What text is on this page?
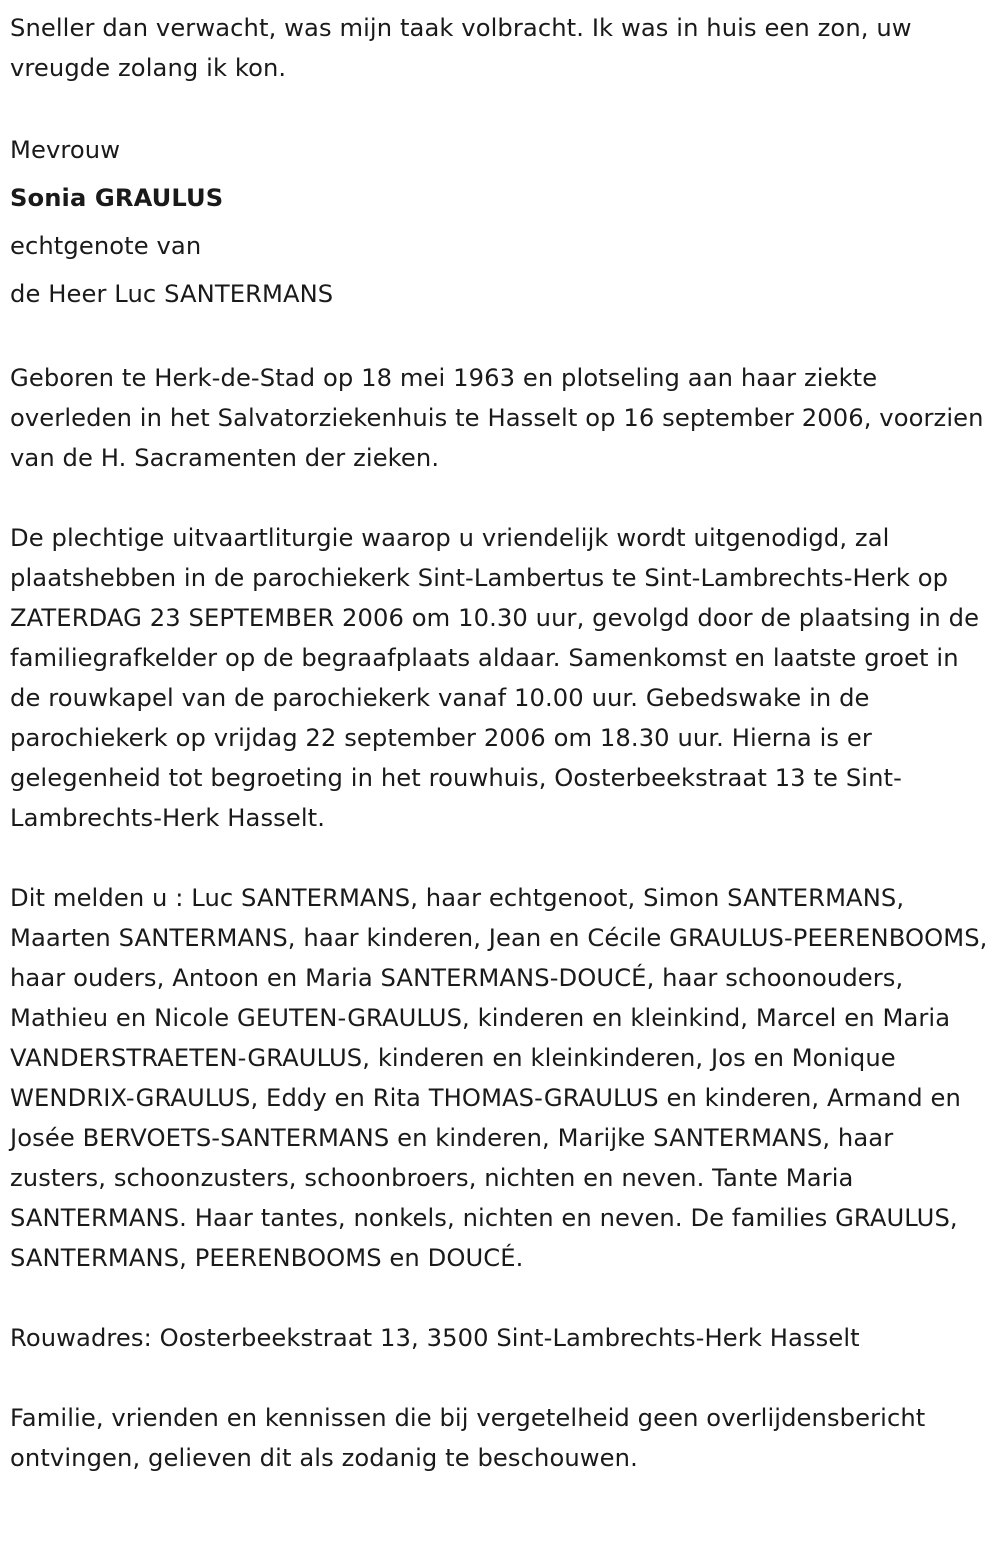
Sneller dan verwacht, was mijn taak volbracht. Ik was in huis een zon, uw vreugde zolang ik kon.

Mevrouw

Sonia GRAULUS

echtgenote van

de Heer Luc SANTERMANS

Geboren te Herk-de-Stad op 18 mei 1963 en plotseling aan haar ziekte overleden in het Salvatorziekenhuis te Hasselt op 16 september 2006, voorzien van de H. Sacramenten der zieken.

De plechtige uitvaartliturgie waarop u vriendelijk wordt uitgenodigd, zal plaatshebben in de parochiekerk Sint-Lambertus te Sint-Lambrechts-Herk op ZATERDAG 23 SEPTEMBER 2006 om 10.30 uur, gevolgd door de plaatsing in de familiegrafkelder op de begraafplaats aldaar. Samenkomst en laatste groet in de rouwkapel van de parochiekerk vanaf 10.00 uur. Gebedswake in de parochiekerk op vrijdag 22 september 2006 om 18.30 uur. Hierna is er gelegenheid tot begroeting in het rouwhuis, Oosterbeekstraat 13 te Sint-Lambrechts-Herk Hasselt.

Dit melden u : Luc SANTERMANS, haar echtgenoot, Simon SANTERMANS, Maarten SANTERMANS, haar kinderen, Jean en Cécile GRAULUS-PEERENBOOMS, haar ouders, Antoon en Maria SANTERMANS-DOUCÉ, haar schoonouders, Mathieu en Nicole GEUTEN-GRAULUS, kinderen en kleinkind, Marcel en Maria VANDERSTRAETEN-GRAULUS, kinderen en kleinkinderen, Jos en Monique WENDRIX-GRAULUS, Eddy en Rita THOMAS-GRAULUS en kinderen, Armand en Josée BERVOETS-SANTERMANS en kinderen, Marijke SANTERMANS, haar zusters, schoonzusters, schoonbroers, nichten en neven. Tante Maria SANTERMANS. Haar tantes, nonkels, nichten en neven. De families GRAULUS, SANTERMANS, PEERENBOOMS en DOUCÉ.

Rouwadres: Oosterbeekstraat 13, 3500 Sint-Lambrechts-Herk Hasselt

Familie, vrienden en kennissen die bij vergetelheid geen overlijdensbericht ontvingen, gelieven dit als zodanig te beschouwen.
